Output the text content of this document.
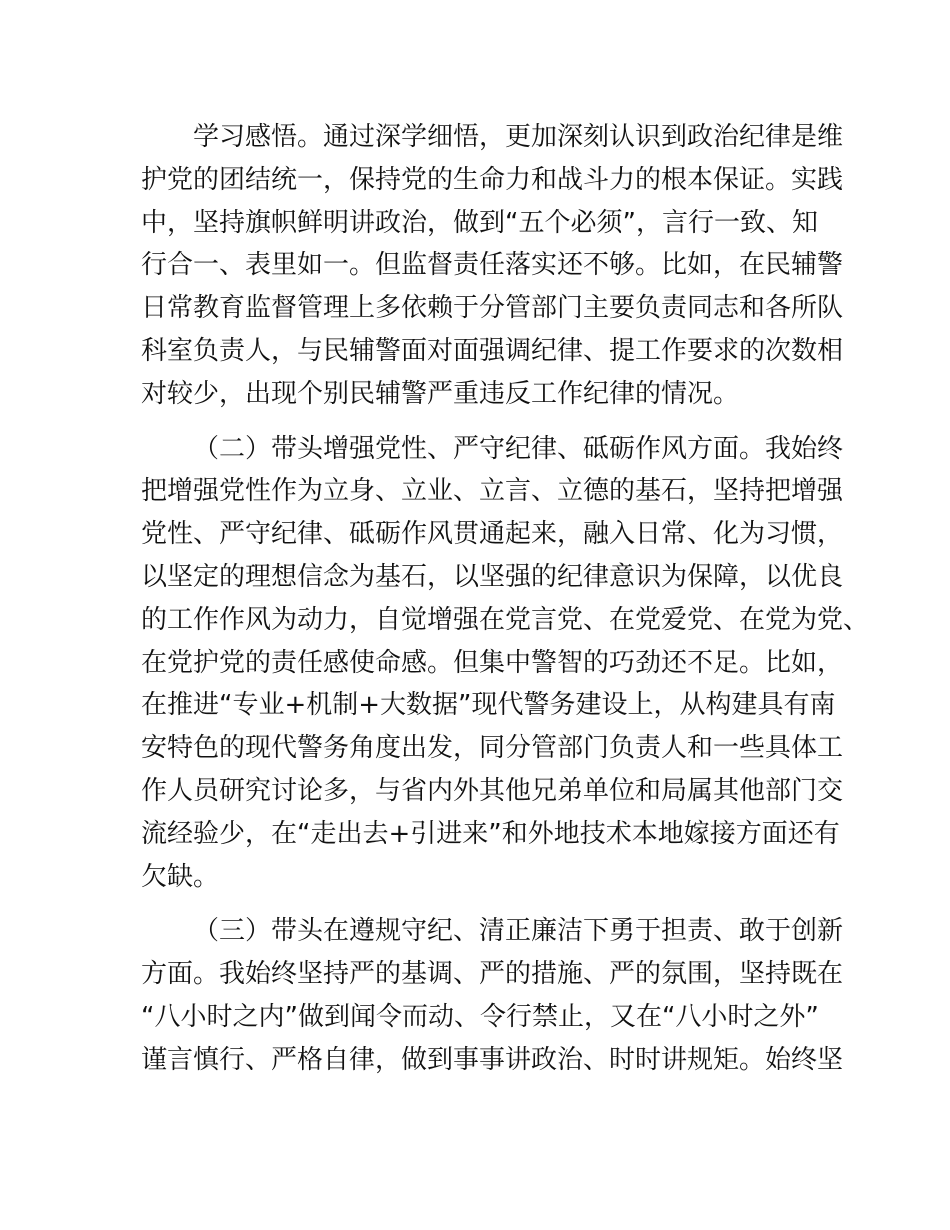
学习感悟。通过深学细悟，更加深刻认识到政治纪律是维
护党的团结统一，保持党的生命力和战斗力的根本保证。实践
中，坚持旗帜鲜明讲政治，做到“五个必须”，言行一致、知
行合一、表里如一。但监督责任落实还不够。比如，在民辅警
日常教育监督管理上多依赖于分管部门主要负责同志和各所队
科室负责人，与民辅警面对面强调纪律、提工作要求的次数相
对较少，出现个别民辅警严重违反工作纪律的情况。
（二）带头增强党性、严守纪律、砥砺作风方面。我始终
把增强党性作为立身、立业、立言、立德的基石，坚持把增强
党性、严守纪律、砥砺作风贯通起来，融入日常、化为习惯，
以坚定的理想信念为基石，以坚强的纪律意识为保障，以优良
的工作作风为动力，自觉增强在党言党、在党爱党、在党为党、
在党护党的责任感使命感。但集中警智的巧劲还不足。比如，
在推进“专业+机制+大数据”现代警务建设上，从构建具有南
安特色的现代警务角度出发，同分管部门负责人和一些具体工
作人员研究讨论多，与省内外其他兄弟单位和局属其他部门交
流经验少，在“走出去+引进来”和外地技术本地嫁接方面还有
欠缺。
（三）带头在遵规守纪、清正廉洁下勇于担责、敢于创新
方面。我始终坚持严的基调、严的措施、严的氛围，坚持既在
“八小时之内”做到闻令而动、令行禁止，又在“八小时之外”
谨言慎行、严格自律，做到事事讲政治、时时讲规矩。始终坚
